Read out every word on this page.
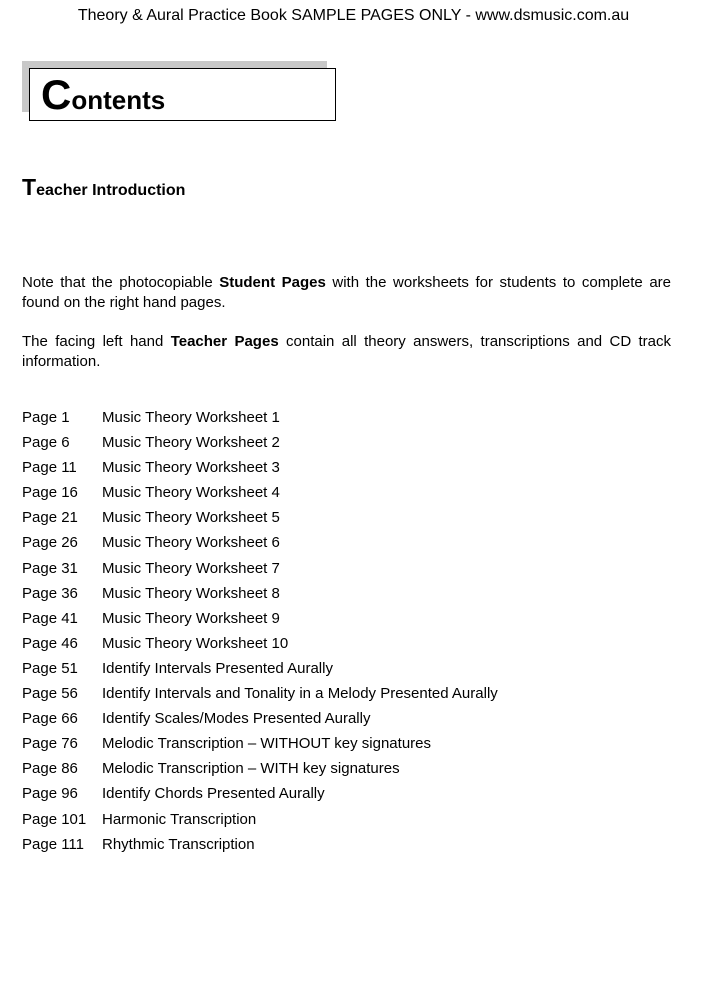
Theory & Aural Practice Book SAMPLE PAGES ONLY - www.dsmusic.com.au
Contents
Teacher Introduction

Note that the photocopiable Student Pages with the worksheets for students to complete are found on the right hand pages.

The facing left hand Teacher Pages contain all theory answers, transcriptions and CD track information.

Page 1 Music Theory Worksheet 1
Page 6 Music Theory Worksheet 2
Page 11 Music Theory Worksheet 3
Page 16 Music Theory Worksheet 4
Page 21 Music Theory Worksheet 5
Page 26 Music Theory Worksheet 6
Page 31 Music Theory Worksheet 7
Page 36 Music Theory Worksheet 8
Page 41 Music Theory Worksheet 9
Page 46 Music Theory Worksheet 10
Page 51 Identify Intervals Presented Aurally
Page 56 Identify Intervals and Tonality in a Melody Presented Aurally
Page 66 Identify Scales/Modes Presented Aurally
Page 76 Melodic Transcription – WITHOUT key signatures
Page 86 Melodic Transcription – WITH key signatures
Page 96 Identify Chords Presented Aurally
Page 101 Harmonic Transcription
Page 111 Rhythmic Transcription
